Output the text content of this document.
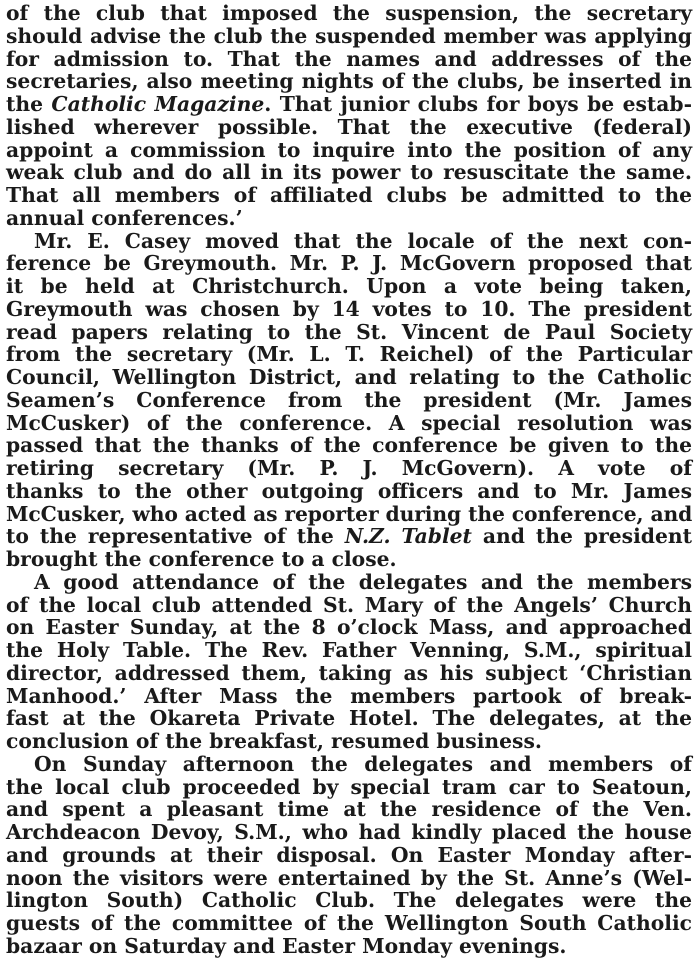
of the club that imposed the suspension, the secretary
should advise the club the suspended member was applying
for admission to. That the names and addresses of the
secretaries, also meeting nights of the clubs, be inserted in
the Catholic Magazine. That junior clubs for boys be estab-
lished wherever possible. That the executive (federal)
appoint a commission to inquire into the position of any
weak club and do all in its power to resuscitate the same.
That all members of affiliated clubs be admitted to the
annual conferences.’
Mr. E. Casey moved that the locale of the next con-
ference be Greymouth. Mr. P. J. McGovern proposed that
it be held at Christchurch. Upon a vote being taken,
Greymouth was chosen by 14 votes to 10. The president
read papers relating to the St. Vincent de Paul Society
from the secretary (Mr. L. T. Reichel) of the Particular
Council, Wellington District, and relating to the Catholic
Seamen’s Conference from the president (Mr. James
McCusker) of the conference. A special resolution was
passed that the thanks of the conference be given to the
retiring secretary (Mr. P. J. McGovern). A vote of
thanks to the other outgoing officers and to Mr. James
McCusker, who acted as reporter during the conference, and
to the representative of the N.Z. Tablet and the president
brought the conference to a close.
A good attendance of the delegates and the members
of the local club attended St. Mary of the Angels’ Church
on Easter Sunday, at the 8 o’clock Mass, and approached
the Holy Table. The Rev. Father Venning, S.M., spiritual
director, addressed them, taking as his subject ‘Christian
Manhood.’ After Mass the members partook of break-
fast at the Okareta Private Hotel. The delegates, at the
conclusion of the breakfast, resumed business.
On Sunday afternoon the delegates and members of
the local club proceeded by special tram car to Seatoun,
and spent a pleasant time at the residence of the Ven.
Archdeacon Devoy, S.M., who had kindly placed the house
and grounds at their disposal. On Easter Monday after-
noon the visitors were entertained by the St. Anne’s (Wel-
lington South) Catholic Club. The delegates were the
guests of the committee of the Wellington South Catholic
bazaar on Saturday and Easter Monday evenings.
